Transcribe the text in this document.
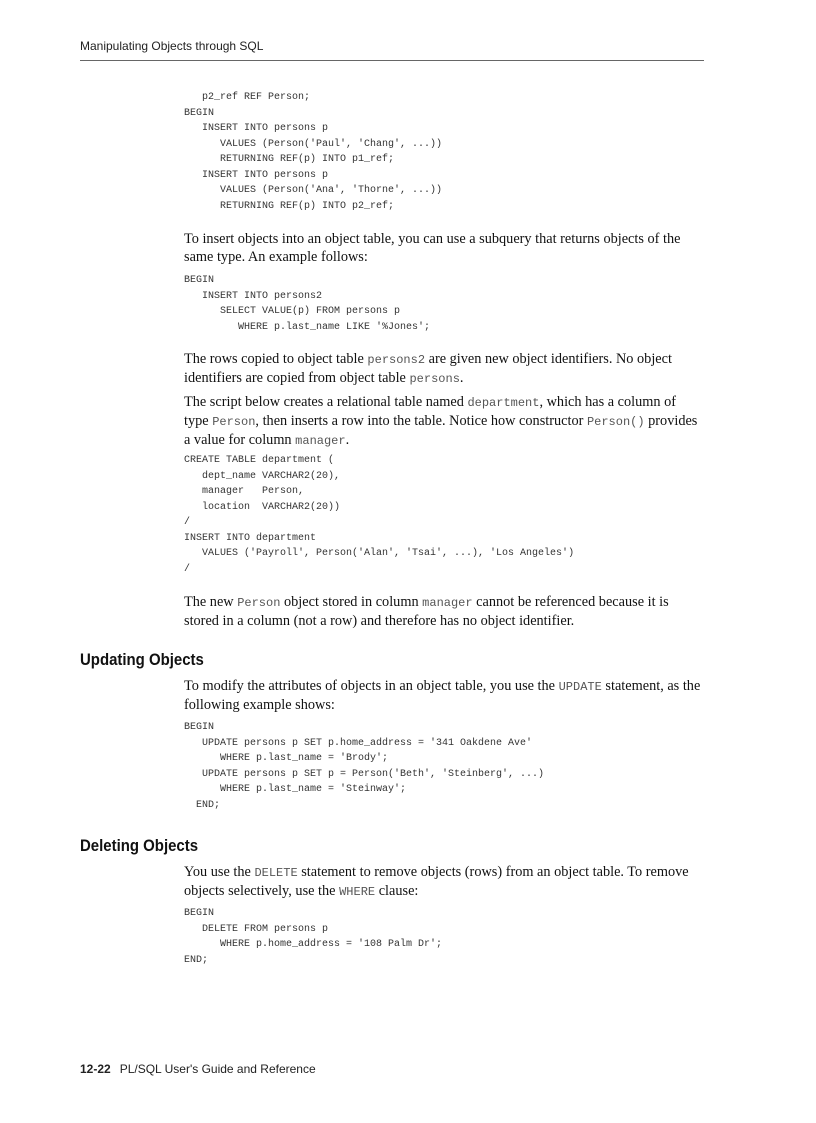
Manipulating Objects through SQL

p2_ref REF Person;
BEGIN
INSERT INTO persons p
VALUES (Person('Paul', 'Chang', ...))
RETURNING REF(p) INTO p1_ref;
INSERT INTO persons p
VALUES (Person('Ana', 'Thorne', ...))
RETURNING REF(p) INTO p2_ref;

To insert objects into an object table, you can use a subquery that returns objects of the same type. An example follows:

BEGIN
INSERT INTO persons2
SELECT VALUE(p) FROM persons p
WHERE p.last_name LIKE '%Jones';

The rows copied to object table persons2 are given new object identifiers. No object identifiers are copied from object table persons.

The script below creates a relational table named department, which has a column of type Person, then inserts a row into the table. Notice how constructor Person() provides a value for column manager.

CREATE TABLE department (
dept_name VARCHAR2(20),
manager   Person,
location  VARCHAR2(20))
/
INSERT INTO department
VALUES ('Payroll', Person('Alan', 'Tsai', ...), 'Los Angeles')
/

The new Person object stored in column manager cannot be referenced because it is stored in a column (not a row) and therefore has no object identifier.

Updating Objects

To modify the attributes of objects in an object table, you use the UPDATE statement, as the following example shows:

BEGIN
UPDATE persons p SET p.home_address = '341 Oakdene Ave'
WHERE p.last_name = 'Brody';
UPDATE persons p SET p = Person('Beth', 'Steinberg', ...)
WHERE p.last_name = 'Steinway';
END;
Deleting Objects

You use the DELETE statement to remove objects (rows) from an object table. To remove objects selectively, use the WHERE clause:

BEGIN
DELETE FROM persons p
WHERE p.home_address = '108 Palm Dr';
END;

12-22 PL/SQL User's Guide and Reference
